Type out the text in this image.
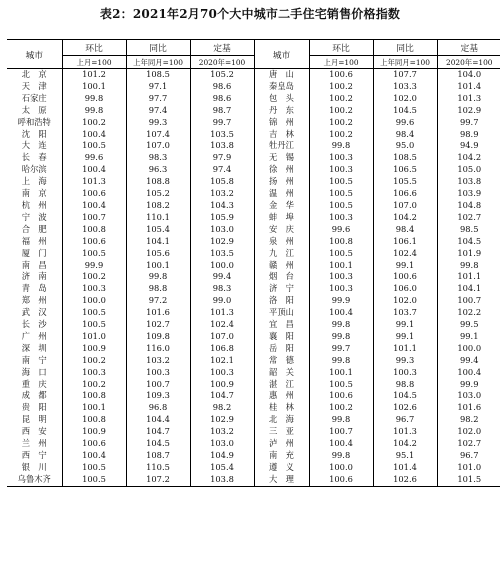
表2：2021年2月70个大中城市二手住宅销售价格指数
城市	环比	同比	定基	城市	环比	同比	定基
	上月=100	上年同月=100	2020年=100		上月=100	上年同月=100	2020年=100
北　京	101.2	108.5	105.2	唐　山	100.6	107.7	104.0
天　津	100.1	97.1	98.6	秦皇岛	100.2	103.3	101.4
石家庄	99.8	97.7	98.6	包　头	100.2	102.0	101.3
太　原	99.8	97.4	98.7	丹　东	100.2	104.5	102.9
呼和浩特	100.2	99.3	99.7	锦　州	100.2	99.6	99.7
沈　阳	100.4	107.4	103.5	吉　林	100.2	98.4	98.9
大　连	100.5	107.0	103.8	牡丹江	99.8	95.0	94.9
长　春	99.6	98.3	97.9	无　锡	100.3	108.5	104.2
哈尔滨	100.4	96.3	97.4	徐　州	100.3	106.5	105.0
上　海	101.3	108.8	105.8	扬　州	100.5	105.5	103.8
南　京	100.6	105.2	103.2	温　州	100.5	106.6	103.9
杭　州	100.4	108.2	104.3	金　华	100.5	107.0	104.8
宁　波	100.7	110.1	105.9	蚌　埠	100.3	104.2	102.7
合　肥	100.8	105.4	103.0	安　庆	99.6	98.4	98.5
福　州	100.6	104.1	102.9	泉　州	100.8	106.1	104.5
厦　门	100.5	105.6	103.5	九　江	100.5	102.4	101.9
南　昌	99.9	100.1	100.0	赣　州	100.1	99.1	99.8
济　南	100.2	99.8	99.4	烟　台	100.3	100.6	101.1
青　岛	100.3	98.8	98.3	济　宁	100.3	106.0	104.1
郑　州	100.0	97.2	99.0	洛　阳	99.9	102.0	100.7
武　汉	100.5	101.6	101.3	平顶山	100.4	103.7	102.2
长　沙	100.5	102.7	102.4	宜　昌	99.8	99.1	99.5
广　州	101.0	109.8	107.0	襄　阳	99.8	99.1	99.1
深　圳	100.9	116.0	106.8	岳　阳	99.7	101.1	100.0
南　宁	100.2	103.2	102.1	常　德	99.8	99.3	99.4
海　口	100.3	100.3	100.3	韶　关	100.1	100.3	100.4
重　庆	100.2	100.7	100.9	湛　江	100.5	98.8	99.9
成　都	100.8	109.3	104.7	惠　州	100.6	104.5	103.0
贵　阳	100.1	96.8	98.2	桂　林	100.2	102.6	101.6
昆　明	100.8	104.4	102.9	北　海	99.8	96.7	98.2
西　安	100.9	104.7	103.2	三　亚	100.7	101.3	102.0
兰　州	100.6	104.5	103.0	泸　州	100.4	104.2	102.7
西　宁	100.4	108.7	104.9	南　充	99.8	95.1	96.7
银　川	100.5	110.5	105.4	遵　义	100.0	101.4	101.0
乌鲁木齐	100.5	107.2	103.8	大　理	100.6	102.6	101.5
